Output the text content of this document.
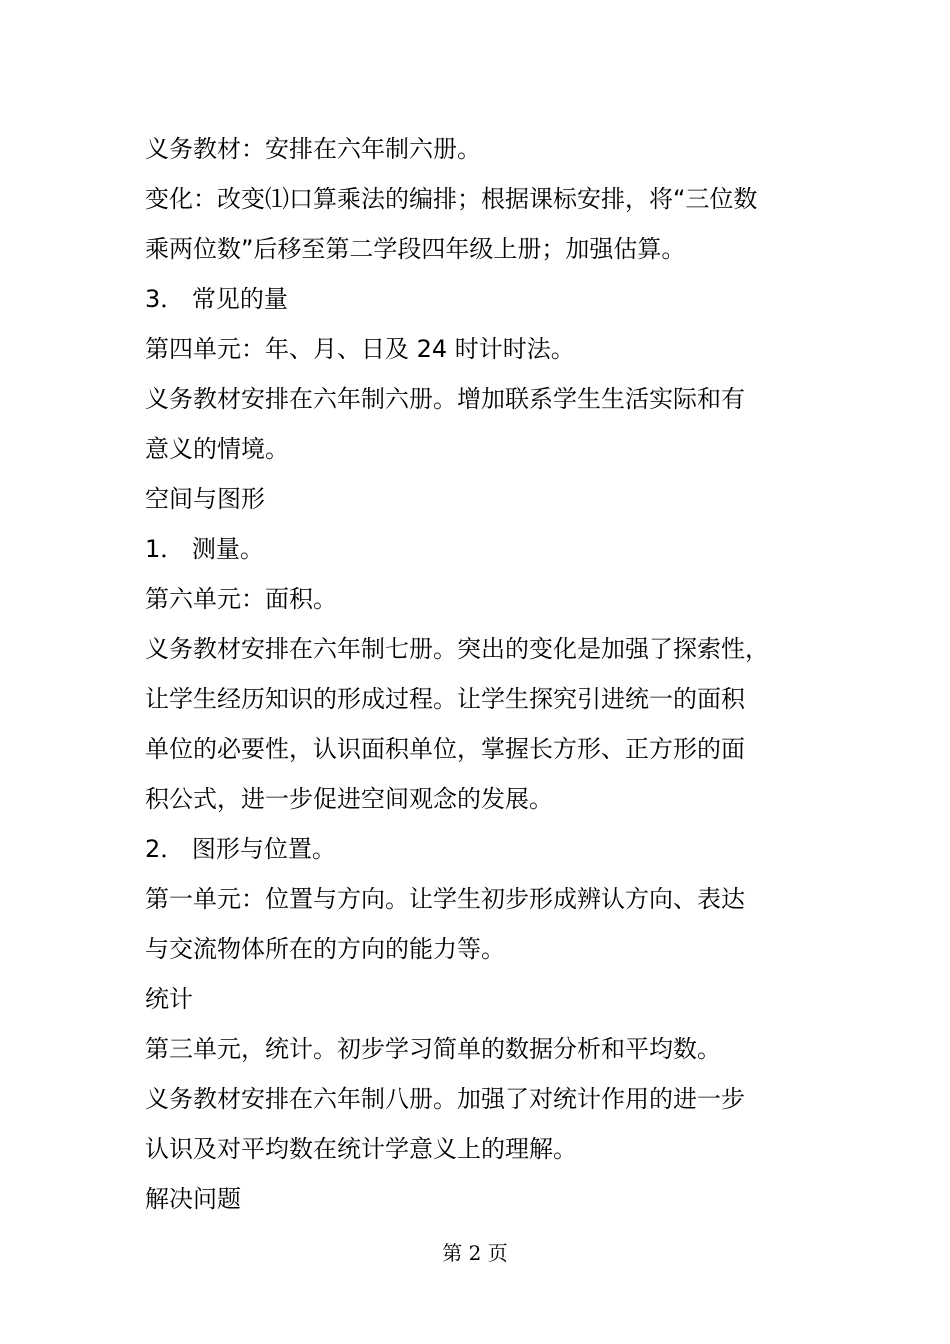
义务教材：安排在六年制六册。
变化：改变⑴口算乘法的编排；根据课标安排，将“三位数
乘两位数”后移至第二学段四年级上册；加强估算。
3． 常见的量
第四单元：年、月、日及 24 时计时法。
义务教材安排在六年制六册。增加联系学生生活实际和有
意义的情境。
空间与图形
1． 测量。
第六单元：面积。
义务教材安排在六年制七册。突出的变化是加强了探索性，
让学生经历知识的形成过程。让学生探究引进统一的面积
单位的必要性，认识面积单位，掌握长方形、正方形的面
积公式，进一步促进空间观念的发展。
2． 图形与位置。
第一单元：位置与方向。让学生初步形成辨认方向、表达
与交流物体所在的方向的能力等。
统计
第三单元，统计。初步学习简单的数据分析和平均数。
义务教材安排在六年制八册。加强了对统计作用的进一步
认识及对平均数在统计学意义上的理解。
解决问题
第 2 页
